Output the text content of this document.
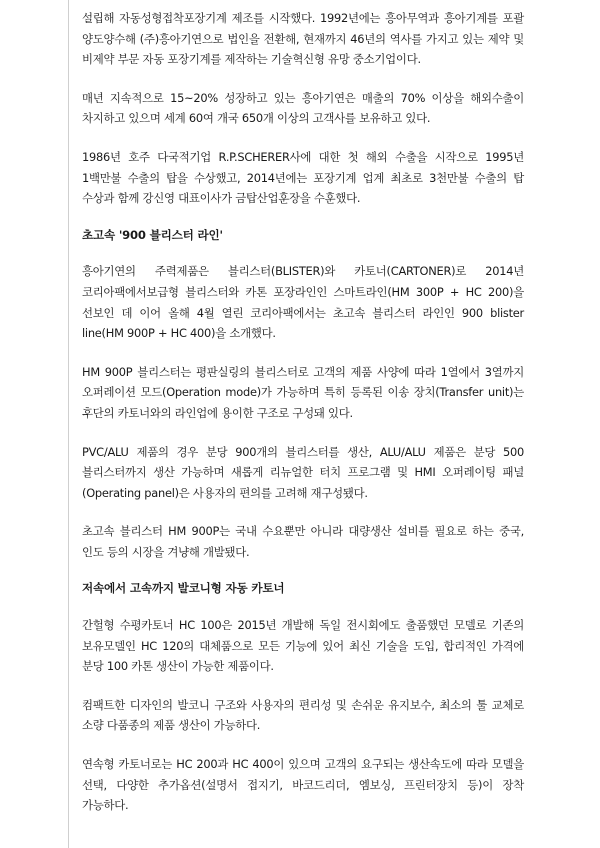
설립해 자동성형접착포장기계 제조를 시작했다. 1992년에는 흥아무역과 흥아기계를 포괄 양도양수해 (주)흥아기연으로 법인을 전환해, 현재까지 46년의 역사를 가지고 있는 제약 및 비제약 부문 자동 포장기계를 제작하는 기술혁신형 유망 중소기업이다.

매년 지속적으로 15~20% 성장하고 있는 흥아기연은 매출의 70% 이상을 해외수출이 차지하고 있으며 세계 60여 개국 650개 이상의 고객사를 보유하고 있다.

1986년 호주 다국적기업 R.P.SCHERER사에 대한 첫 해외 수출을 시작으로 1995년 1백만불 수출의 탑을 수상했고, 2014년에는 포장기계 업계 최초로 3천만불 수출의 탑 수상과 함께 강신영 대표이사가 금탑산업훈장을 수훈했다.

초고속 '900 블리스터 라인'

흥아기연의 주력제품은 블리스터(BLISTER)와 카토너(CARTONER)로 2014년 코리아팩에서보급형 블리스터와 카톤 포장라인인 스마트라인(HM 300P + HC 200)을 선보인 데 이어 올해 4월 열린 코리아팩에서는 초고속 블리스터 라인인 900 blister line(HM 900P + HC 400)을 소개했다.

HM 900P 블리스터는 평판실링의 블리스터로 고객의 제품 사양에 따라 1열에서 3열까지 오퍼레이션 모드(Operation mode)가 가능하며 특히 등록된 이송 장치(Transfer unit)는 후단의 카토너와의 라인업에 용이한 구조로 구성돼 있다.

PVC/ALU 제품의 경우 분당 900개의 블리스터를 생산, ALU/ALU 제품은 분당 500 블리스터까지 생산 가능하며 새롭게 리뉴얼한 터치 프로그램 및 HMI 오퍼레이팅 패널(Operating panel)은 사용자의 편의를 고려해 재구성됐다.

초고속 블리스터 HM 900P는 국내 수요뿐만 아니라 대량생산 설비를 필요로 하는 중국, 인도 등의 시장을 겨냥해 개발됐다.

저속에서 고속까지 발코니형 자동 카토너

간헐형 수평카토너 HC 100은 2015년 개발해 독일 전시회에도 출품했던 모델로 기존의 보유모델인 HC 120의 대체품으로 모든 기능에 있어 최신 기술을 도입, 합리적인 가격에 분당 100 카톤 생산이 가능한 제품이다.

컴팩트한 디자인의 발코니 구조와 사용자의 편리성 및 손쉬운 유지보수, 최소의 툴 교체로 소량 다품종의 제품 생산이 가능하다.

연속형 카토너로는 HC 200과 HC 400이 있으며 고객의 요구되는 생산속도에 따라 모델을 선택, 다양한 추가옵션(설명서 접지기, 바코드리더, 엠보싱, 프린터장치 등)이 장착 가능하다.
